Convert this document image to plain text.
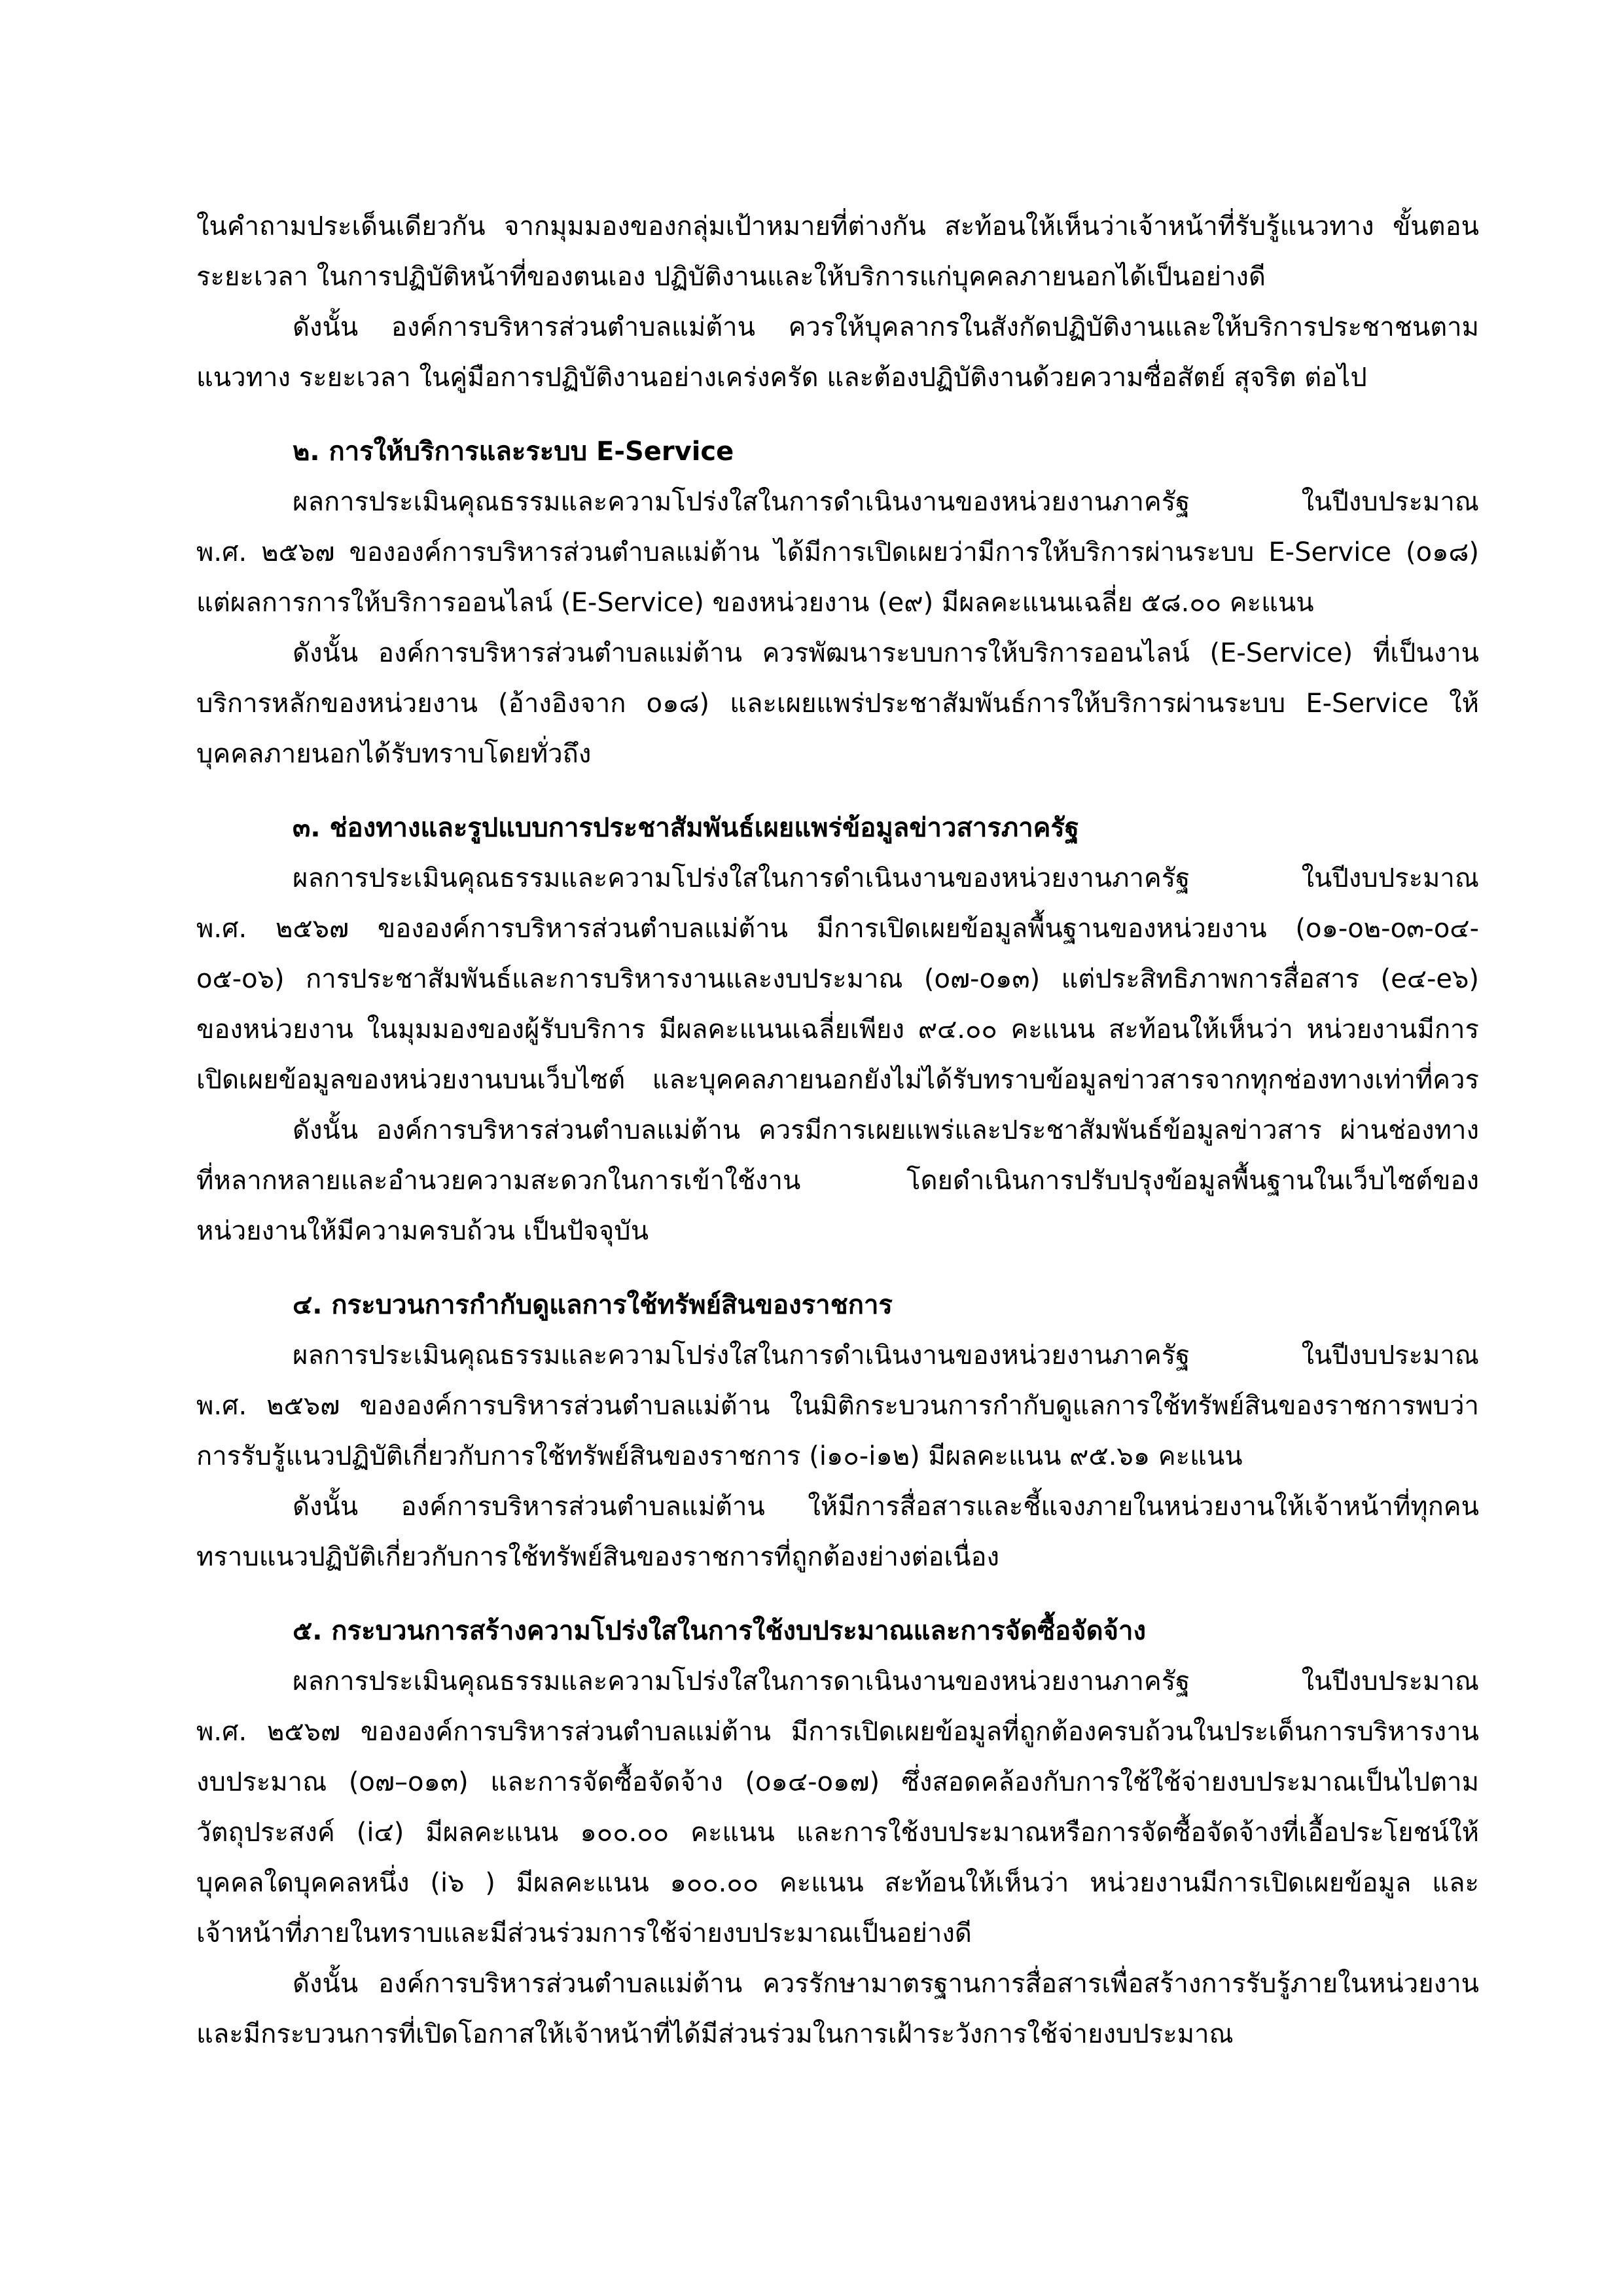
ในคำถามประเด็นเดียวกัน จากมุมมองของกลุ่มเป้าหมายที่ต่างกัน สะท้อนให้เห็นว่าเจ้าหน้าที่รับรู้แนวทาง ขั้นตอน
ระยะเวลา ในการปฏิบัติหน้าที่ของตนเอง ปฏิบัติงานและให้บริการแก่บุคคลภายนอกได้เป็นอย่างดี
ดังนั้น องค์การบริหารส่วนตำบลแม่ต้าน ควรให้บุคลากรในสังกัดปฏิบัติงานและให้บริการประชาชนตาม
แนวทาง ระยะเวลา ในคู่มือการปฏิบัติงานอย่างเคร่งครัด และต้องปฏิบัติงานด้วยความซื่อสัตย์ สุจริต ต่อไป
๒. การให้บริการและระบบ E-Service
ผลการประเมินคุณธรรมและความโปร่งใสในการดำเนินงานของหน่วยงานภาครัฐ ในปีงบประมาณ
พ.ศ. ๒๕๖๗ ขององค์การบริหารส่วนตำบลแม่ต้าน ได้มีการเปิดเผยว่ามีการให้บริการผ่านระบบ E-Service (o๑๘)
แต่ผลการการให้บริการออนไลน์ (E-Service) ของหน่วยงาน (e๙) มีผลคะแนนเฉลี่ย ๕๘.๐๐ คะแนน
ดังนั้น องค์การบริหารส่วนตำบลแม่ต้าน ควรพัฒนาระบบการให้บริการออนไลน์ (E-Service) ที่เป็นงาน
บริการหลักของหน่วยงาน (อ้างอิงจาก o๑๘) และเผยแพร่ประชาสัมพันธ์การให้บริการผ่านระบบ E-Service ให้
บุคคลภายนอกได้รับทราบโดยทั่วถึง
๓. ช่องทางและรูปแบบการประชาสัมพันธ์เผยแพร่ข้อมูลข่าวสารภาครัฐ
ผลการประเมินคุณธรรมและความโปร่งใสในการดำเนินงานของหน่วยงานภาครัฐ ในปีงบประมาณ
พ.ศ. ๒๕๖๗ ขององค์การบริหารส่วนตำบลแม่ต้าน มีการเปิดเผยข้อมูลพื้นฐานของหน่วยงาน (o๑-o๒-o๓-o๔-
o๕-o๖) การประชาสัมพันธ์และการบริหารงานและงบประมาณ (o๗-o๑๓) แต่ประสิทธิภาพการสื่อสาร (e๔-e๖)
ของหน่วยงาน ในมุมมองของผู้รับบริการ มีผลคะแนนเฉลี่ยเพียง ๙๔.๐๐ คะแนน สะท้อนให้เห็นว่า หน่วยงานมีการ
เปิดเผยข้อมูลของหน่วยงานบนเว็บไซต์ และบุคคลภายนอกยังไม่ได้รับทราบข้อมูลข่าวสารจากทุกช่องทางเท่าที่ควร
ดังนั้น องค์การบริหารส่วนตำบลแม่ต้าน ควรมีการเผยแพร่และประชาสัมพันธ์ข้อมูลข่าวสาร ผ่านช่องทาง
ที่หลากหลายและอำนวยความสะดวกในการเข้าใช้งาน โดยดำเนินการปรับปรุงข้อมูลพื้นฐานในเว็บไซต์ของ
หน่วยงานให้มีความครบถ้วน เป็นปัจจุบัน
๔. กระบวนการกำกับดูแลการใช้ทรัพย์สินของราชการ
ผลการประเมินคุณธรรมและความโปร่งใสในการดำเนินงานของหน่วยงานภาครัฐ ในปีงบประมาณ
พ.ศ. ๒๕๖๗ ขององค์การบริหารส่วนตำบลแม่ต้าน ในมิติกระบวนการกำกับดูแลการใช้ทรัพย์สินของราชการพบว่า
การรับรู้แนวปฏิบัติเกี่ยวกับการใช้ทรัพย์สินของราชการ (i๑๐-i๑๒) มีผลคะแนน ๙๕.๖๑ คะแนน
ดังนั้น องค์การบริหารส่วนตำบลแม่ต้าน ให้มีการสื่อสารและชี้แจงภายในหน่วยงานให้เจ้าหน้าที่ทุกคน
ทราบแนวปฏิบัติเกี่ยวกับการใช้ทรัพย์สินของราชการที่ถูกต้องย่างต่อเนื่อง
๕. กระบวนการสร้างความโปร่งใสในการใช้งบประมาณและการจัดซื้อจัดจ้าง
ผลการประเมินคุณธรรมและความโปร่งใสในการดาเนินงานของหน่วยงานภาครัฐ ในปีงบประมาณ
พ.ศ. ๒๕๖๗ ขององค์การบริหารส่วนตำบลแม่ต้าน มีการเปิดเผยข้อมูลที่ถูกต้องครบถ้วนในประเด็นการบริหารงาน
งบประมาณ (o๗–o๑๓) และการจัดซื้อจัดจ้าง (o๑๔-o๑๗) ซึ่งสอดคล้องกับการใช้ใช้จ่ายงบประมาณเป็นไปตาม
วัตถุประสงค์ (i๔) มีผลคะแนน ๑๐๐.๐๐ คะแนน และการใช้งบประมาณหรือการจัดซื้อจัดจ้างที่เอื้อประโยชน์ให้
บุคคลใดบุคคลหนึ่ง (i๖ ) มีผลคะแนน ๑๐๐.๐๐ คะแนน สะท้อนให้เห็นว่า หน่วยงานมีการเปิดเผยข้อมูล และ
เจ้าหน้าที่ภายในทราบและมีส่วนร่วมการใช้จ่ายงบประมาณเป็นอย่างดี
ดังนั้น องค์การบริหารส่วนตำบลแม่ต้าน ควรรักษามาตรฐานการสื่อสารเพื่อสร้างการรับรู้ภายในหน่วยงาน
และมีกระบวนการที่เปิดโอกาสให้เจ้าหน้าที่ได้มีส่วนร่วมในการเฝ้าระวังการใช้จ่ายงบประมาณ
